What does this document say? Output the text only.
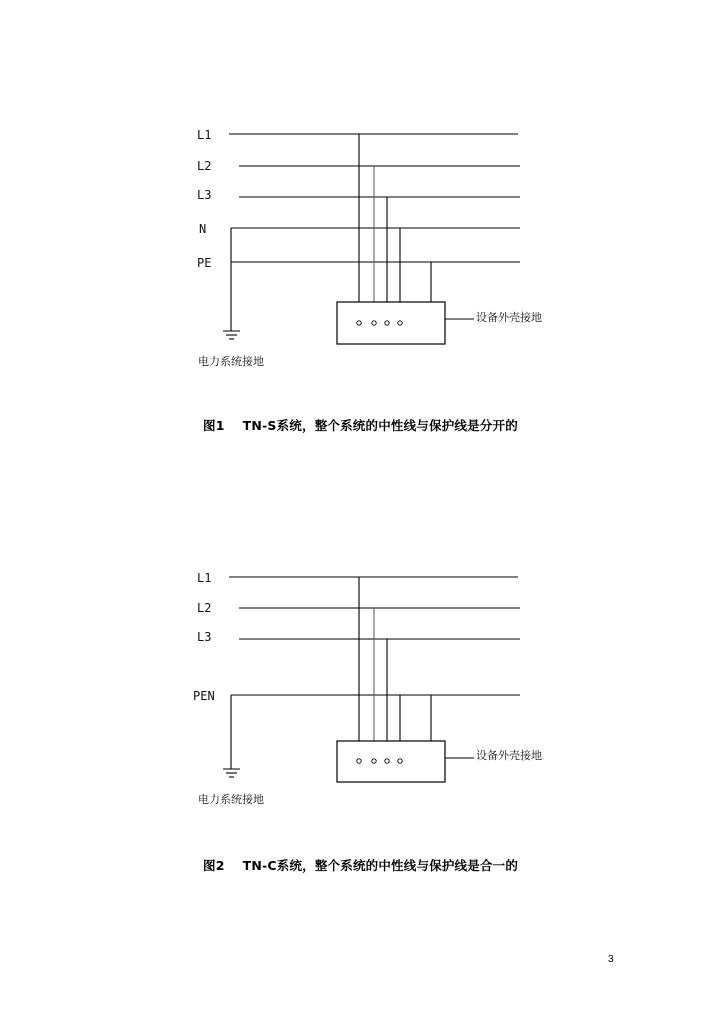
L1
L2
L3
N
PE
设备外壳接地
电力系统接地
图1 TN-S系统，整个系统的中性线与保护线是分开的
L1
L2
L3
PEN
设备外壳接地
电力系统接地
图2 TN-C系统，整个系统的中性线与保护线是合一的
3
